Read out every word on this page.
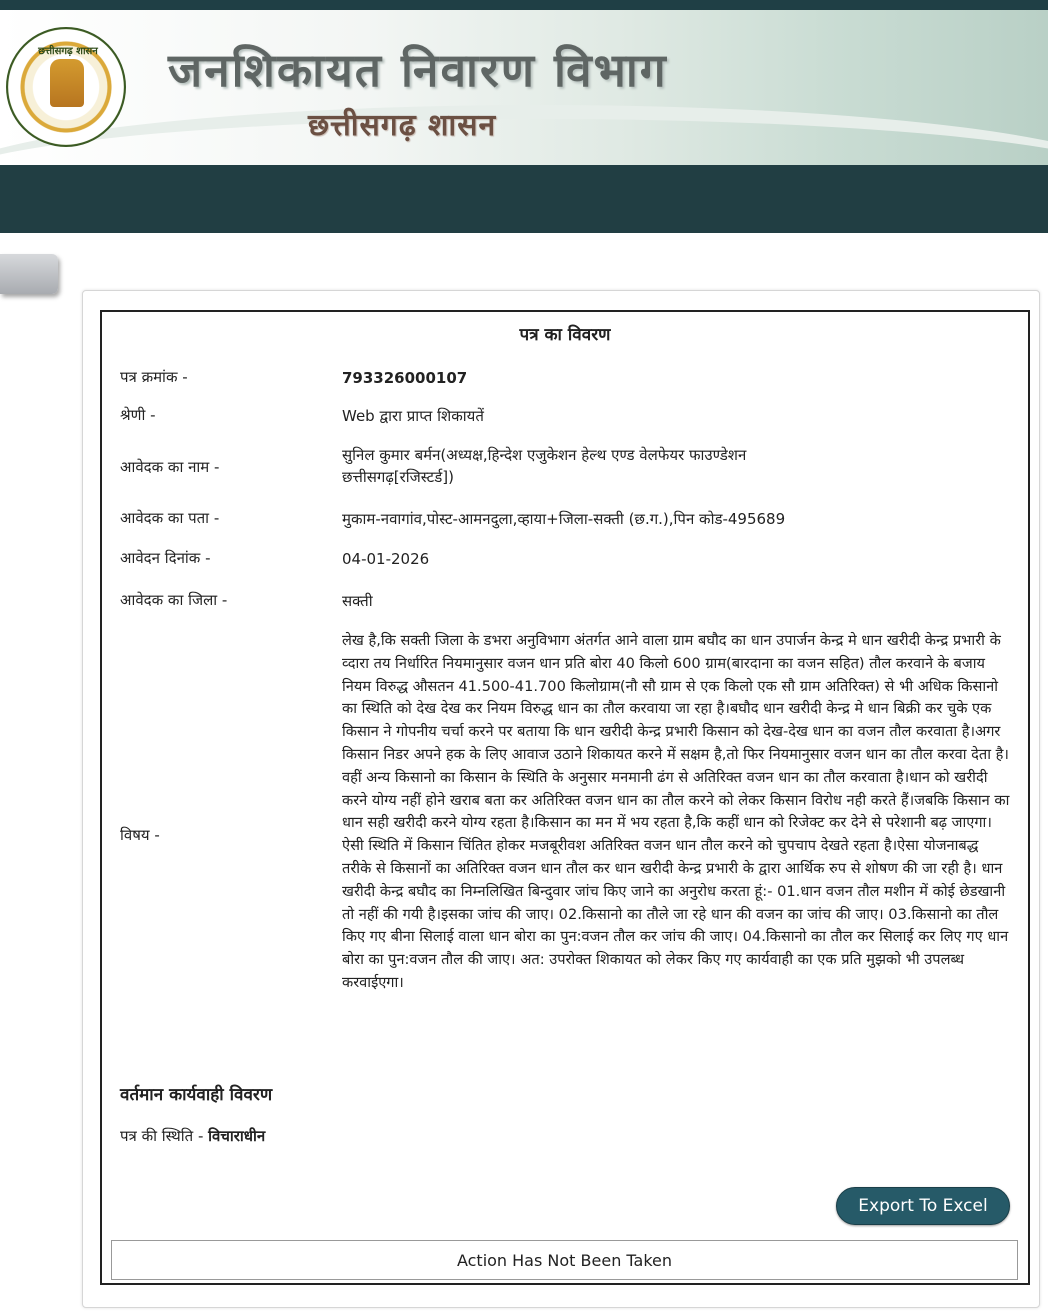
छत्तीसगढ़ शासन जनशिकायत निवारण विभाग
छत्तीसगढ़ शासन
पत्र का विवरण
पत्र क्रमांक -	793326000107
श्रेणी -	Web द्वारा प्राप्त शिकायतें
आवेदक का नाम -
सुनिल कुमार बर्मन(अध्यक्ष,हिन्देश एजुकेशन हेल्थ एण्ड वेलफेयर फाउण्डेशन छत्तीसगढ़[रजिस्टर्ड])
आवेदक का पता -	मुकाम-नवागांव,पोस्ट-आमनदुला,व्हाया+जिला-सक्ती (छ.ग.),पिन कोड-495689
आवेदन दिनांक -	04-01-2026
आवेदक का जिला -	सक्ती
विषय -
लेख है,कि सक्ती जिला के डभरा अनुविभाग अंतर्गत आने वाला ग्राम बघौद का धान उपार्जन केन्द्र मे धान खरीदी केन्द्र प्रभारी के व्दारा तय निर्धारित नियमानुसार वजन धान प्रति बोरा 40 किलो 600 ग्राम(बारदाना का वजन सहित) तौल करवाने के बजाय नियम विरुद्ध औसतन 41.500-41.700 किलोग्राम(नौ सौ ग्राम से एक किलो एक सौ ग्राम अतिरिक्त) से भी अधिक किसानो का स्थिति को देख देख कर नियम विरुद्ध धान का तौल करवाया जा रहा है।बघौद धान खरीदी केन्द्र मे धान बिक्री कर चुके एक किसान ने गोपनीय चर्चा करने पर बताया कि धान खरीदी केन्द्र प्रभारी किसान को देख-देख धान का वजन तौल करवाता है।अगर किसान निडर अपने हक के लिए आवाज उठाने शिकायत करने में सक्षम है,तो फिर नियमानुसार वजन धान का तौल करवा देता है।वहीं अन्य किसानो का किसान के स्थिति के अनुसार मनमानी ढंग से अतिरिक्त वजन धान का तौल करवाता है।धान को खरीदी करने योग्य नहीं होने खराब बता कर अतिरिक्त वजन धान का तौल करने को लेकर किसान विरोध नही करते हैं।जबकि किसान का धान सही खरीदी करने योग्य रहता है।किसान का मन में भय रहता है,कि कहीं धान को रिजेक्ट कर देने से परेशानी बढ़ जाएगा।ऐसी स्थिति में किसान चिंतित होकर मजबूरीवश अतिरिक्त वजन धान तौल करने को चुपचाप देखते रहता है।ऐसा योजनाबद्ध तरीके से किसानों का अतिरिक्त वजन धान तौल कर धान खरीदी केन्द्र प्रभारी के द्वारा आर्थिक रुप से शोषण की जा रही है। धान खरीदी केन्द्र बघौद का निम्नलिखित बिन्दुवार जांच किए जाने का अनुरोध करता हूं:- 01.धान वजन तौल मशीन में कोई छेडखानी तो नहीं की गयी है।इसका जांच की जाए। 02.किसानो का तौले जा रहे धान की वजन का जांच की जाए। 03.किसानो का तौल किए गए बीना सिलाई वाला धान बोरा का पुन:वजन तौल कर जांच की जाए। 04.किसानो का तौल कर सिलाई कर लिए गए धान बोरा का पुन:वजन तौल की जाए। अत: उपरोक्त शिकायत को लेकर किए गए कार्यवाही का एक प्रति मुझको भी उपलब्ध करवाईएगा।
वर्तमान कार्यवाही विवरण
पत्र की स्थिति - विचाराधीन
Export To Excel
Action Has Not Been Taken
